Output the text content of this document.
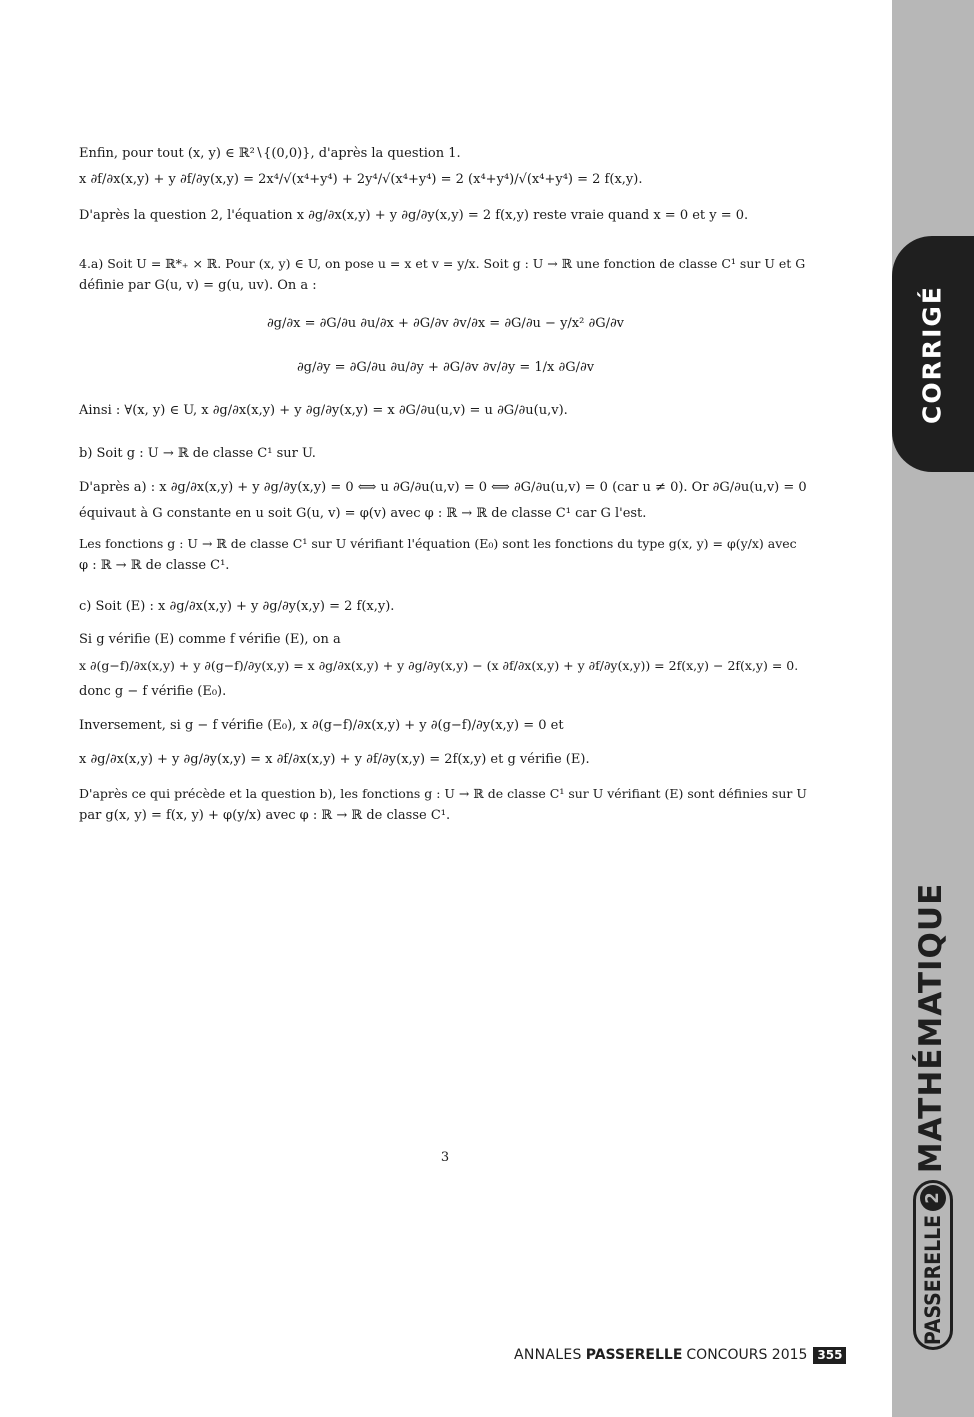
CORRIGÉ
MATHÉMATIQUE
PASSERELLE
2
Enfin, pour tout (x, y) ∈ ℝ²∖{(0,0)}, d'après la question 1.
x ∂f/∂x(x,y) + y ∂f/∂y(x,y) = 2x⁴/√(x⁴+y⁴) + 2y⁴/√(x⁴+y⁴) = 2 (x⁴+y⁴)/√(x⁴+y⁴) = 2 f(x,y).
D'après la question 2, l'équation x ∂g/∂x(x,y) + y ∂g/∂y(x,y) = 2 f(x,y) reste vraie quand x = 0 et y = 0.
4.a) Soit U = ℝ*₊ × ℝ. Pour (x, y) ∈ U, on pose u = x et v = y/x. Soit g : U → ℝ une fonction de classe C¹ sur U et G
définie par G(u, v) = g(u, uv). On a :
∂g/∂x = ∂G/∂u ∂u/∂x + ∂G/∂v ∂v/∂x = ∂G/∂u − y/x² ∂G/∂v
∂g/∂y = ∂G/∂u ∂u/∂y + ∂G/∂v ∂v/∂y = 1/x ∂G/∂v
Ainsi : ∀(x, y) ∈ U, x ∂g/∂x(x,y) + y ∂g/∂y(x,y) = x ∂G/∂u(u,v) = u ∂G/∂u(u,v).
b) Soit g : U → ℝ de classe C¹ sur U.
D'après a) : x ∂g/∂x(x,y) + y ∂g/∂y(x,y) = 0 ⟺ u ∂G/∂u(u,v) = 0 ⟺ ∂G/∂u(u,v) = 0 (car u ≠ 0). Or ∂G/∂u(u,v) = 0
équivaut à G constante en u soit G(u, v) = φ(v) avec φ : ℝ → ℝ de classe C¹ car G l'est.
Les fonctions g : U → ℝ de classe C¹ sur U vérifiant l'équation (E₀) sont les fonctions du type g(x, y) = φ(y/x) avec
φ : ℝ → ℝ de classe C¹.
c) Soit (E) : x ∂g/∂x(x,y) + y ∂g/∂y(x,y) = 2 f(x,y).
Si g vérifie (E) comme f vérifie (E), on a
x ∂(g−f)/∂x(x,y) + y ∂(g−f)/∂y(x,y) = x ∂g/∂x(x,y) + y ∂g/∂y(x,y) − (x ∂f/∂x(x,y) + y ∂f/∂y(x,y)) = 2f(x,y) − 2f(x,y) = 0.
donc g − f vérifie (E₀).
Inversement, si g − f vérifie (E₀), x ∂(g−f)/∂x(x,y) + y ∂(g−f)/∂y(x,y) = 0 et
x ∂g/∂x(x,y) + y ∂g/∂y(x,y) = x ∂f/∂x(x,y) + y ∂f/∂y(x,y) = 2f(x,y) et g vérifie (E).
D'après ce qui précède et la question b), les fonctions g : U → ℝ de classe C¹ sur U vérifiant (E) sont définies sur U
par g(x, y) = f(x, y) + φ(y/x) avec φ : ℝ → ℝ de classe C¹.
3
ANNALES PASSERELLE CONCOURS 2015 355
